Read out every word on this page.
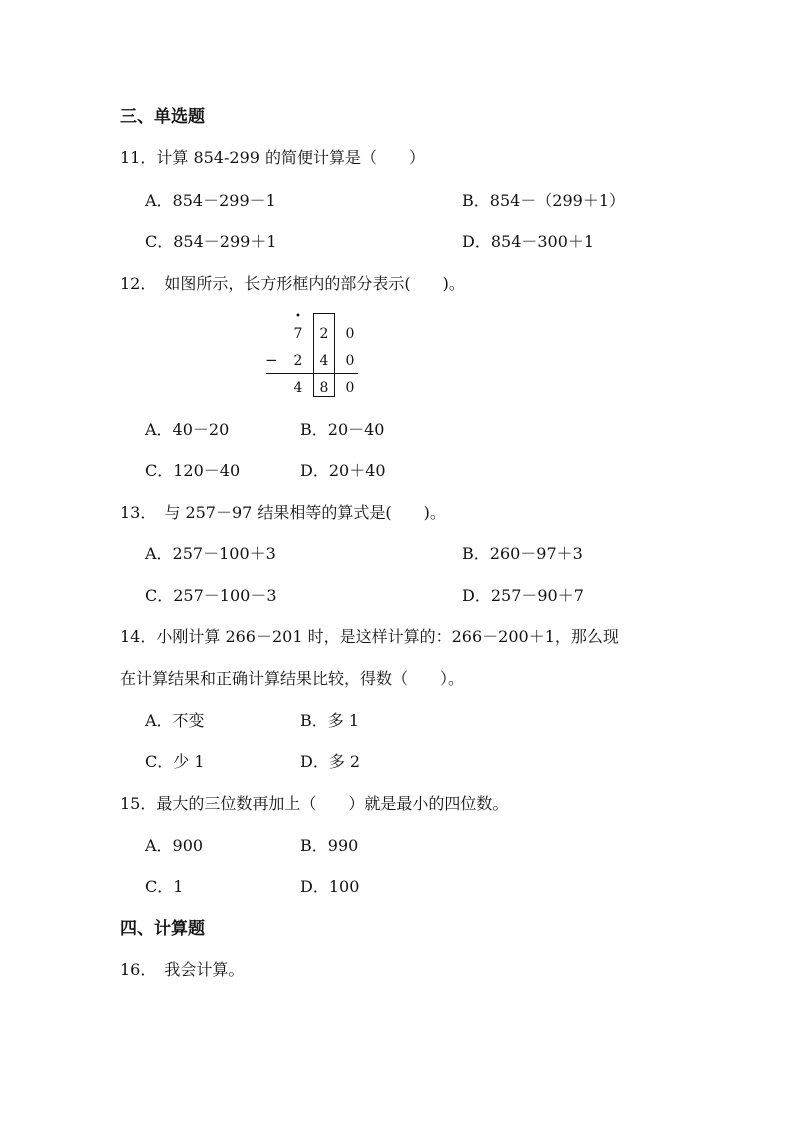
三、单选题
11．计算 854-299 的简便计算是（　　）
A．854－299－1	B．854－（299＋1）
C．854－299＋1	D．854－300＋1
12．　如图所示，长方形框内的部分表示(　　)。
•
7 2 0
− 2 4 0
4 8 0
A．40－20	B．20－40
C．120－40	D．20＋40
13．　与 257－97 结果相等的算式是(　　)。
A．257－100＋3	B．260－97＋3
C．257－100－3	D．257－90＋7
14．小刚计算 266－201 时，是这样计算的：266－200＋1，那么现
在计算结果和正确计算结果比较，得数（　　）。
A．不变	B．多 1
C．少 1	D．多 2
15．最大的三位数再加上（　　）就是最小的四位数。
A．900	B．990
C．1	D．100
四、计算题
16．　我会计算。
